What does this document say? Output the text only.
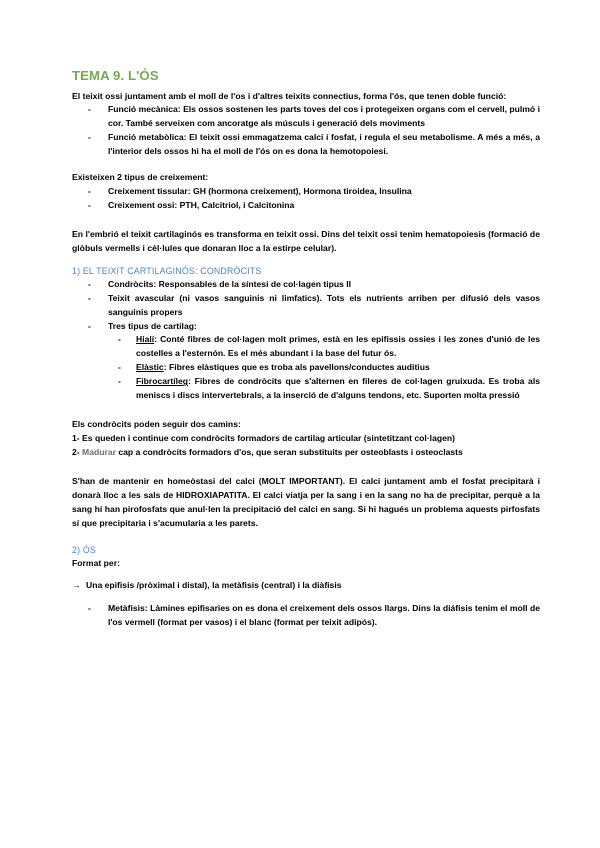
TEMA 9. L'ÓS

El teixit ossi juntament amb el moll de l'os i d'altres teixits connectius, forma l'ós, que tenen doble funció:

- Funció mecànica: Els ossos sostenen les parts toves del cos i protegeixen organs com el cervell, pulmó i cor. També serveixen com ancoratge als músculs i generació dels moviments
- Funció metabòlica: El teixit ossi emmagatzema calci i fosfat, i regula el seu metabolisme. A més a més, a l'interior dels ossos hi ha el moll de l'ós on es dona la hemotopoiesi.

Existeixen 2 tipus de creixement:

- Creixement tissular: GH (hormona creixement), Hormona tiroidea, Insulina
- Creixement ossi: PTH, Calcitriol, i Calcitonina

En l'embrió el teixit cartilaginós es transforma en teixit ossi. Dins del teixit ossi tenim hematopoiesis (formació de glòbuls vermells i cèl·lules que donaran lloc a la estirpe celular).

1) EL TEIXIT CARTILAGINÓS: CONDRÒCITS
- Condròcits: Responsables de la síntesi de col·lagen tipus II
- Teixit avascular (ni vasos sanguinis ni limfatics). Tots els nutrients arriben per difusió dels vasos sanguinis propers
- Tres tipus de cartilag:
- Hialí: Conté fibres de col·lagen molt primes, està en les epifissis ossies i les zones d'unió de les costelles a l'esternón. Es el més abundant i la base del futur ós.
- Elàstic: Fibres elàstiques que es troba als pavellons/conductes auditius
- Fibrocartíleg: Fibres de condròcits que s'alternen en fileres de col·lagen gruixuda. Es troba als meniscs i discs intervertebrals, a la inserció de d'alguns tendons, etc. Suporten molta pressió

Els condròcits poden seguir dos camins:

1- Es queden i continue com condròcits formadors de cartilag articular (sintetitzant col·lagen)

2- Madurar cap a condròcits formadors d'os, que seran substituits per osteoblasts i osteoclasts

S'han de mantenir en homeòstasi del calci (MOLT IMPORTANT). El calci juntament amb el fosfat precipitarà i donarà lloc a les sals de HIDROXIAPATITA. El calci viatja per la sang i en la sang no ha de precipitar, perquè a la sang hi han pirofosfats que anul·len la precipitació del calci en sang. Si hi hagués un problema aquests pirfosfats sí que precipitaria i s'acumularia a les parets.

2) ÓS

Format per:

→ Una epifisis /pròximal i distal), la metàfisis (central) i la diàfisis

- Metàfisis: Làmines epifisaries on es dona el creixement dels ossos llargs. Dins la diáfisis tenim el moll de l'os vermell (format per vasos) i el blanc (format per teixit adipós).
